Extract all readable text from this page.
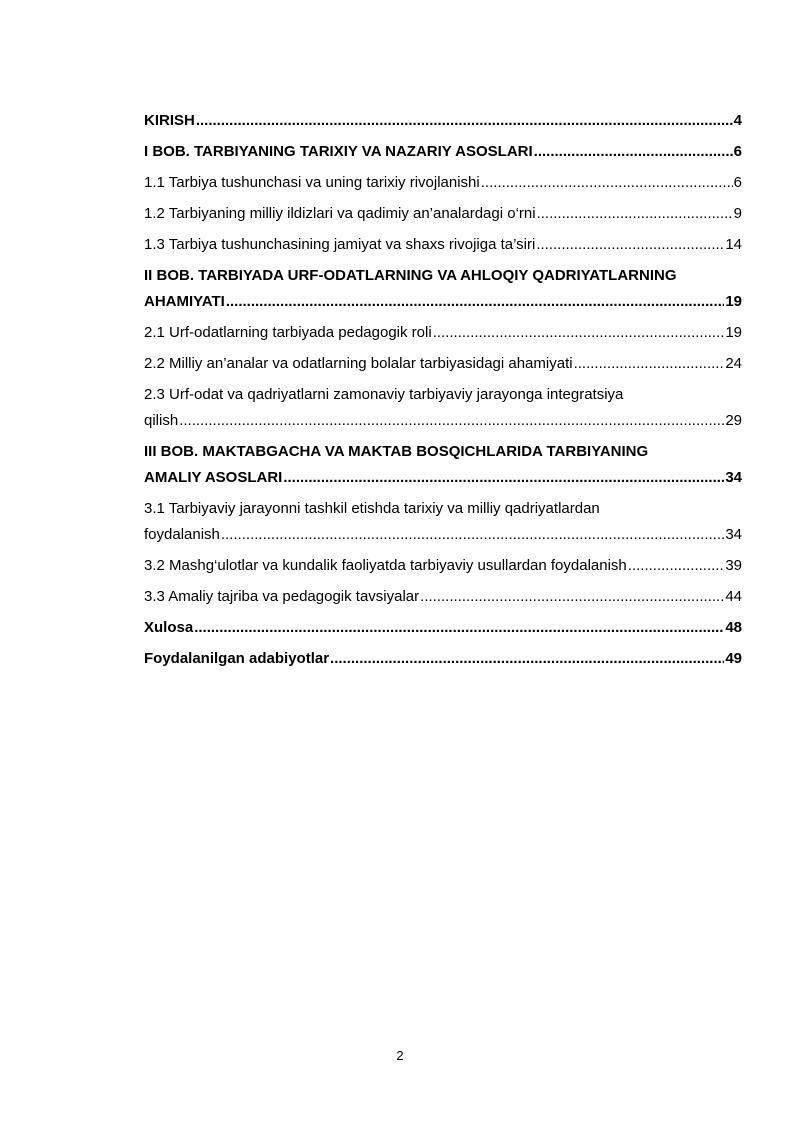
KIRISH .....	4
I BOB. TARBIYANING TARIXIY VA NAZARIY ASOSLARI .....	6
1.1 Tarbiya tushunchasi va uning tarixiy rivojlanishi .....	6
1.2 Tarbiyaning milliy ildizlari va qadimiy an’analardagi o‘rni .....	9
1.3 Tarbiya tushunchasining jamiyat va shaxs rivojiga ta’siri .....	14
II BOB. TARBIYADA URF-ODATLARNING VA AHLOQIY QADRIYATLARNING
AHAMIYATI .....	19
2.1 Urf-odatlarning tarbiyada pedagogik roli .....	19
2.2 Milliy an’analar va odatlarning bolalar tarbiyasidagi ahamiyati .....	24
2.3 Urf-odat va qadriyatlarni zamonaviy tarbiyaviy jarayonga integratsiya
qilish .....	29
III BOB. MAKTABGACHA VA MAKTAB BOSQICHLARIDA TARBIYANING
AMALIY ASOSLARI .....	34
3.1 Tarbiyaviy jarayonni tashkil etishda tarixiy va milliy qadriyatlardan
foydalanish .....	34
3.2 Mashg‘ulotlar va kundalik faoliyatda tarbiyaviy usullardan foydalanish .....	39
3.3 Amaliy tajriba va pedagogik tavsiyalar .....	44
Xulosa .....	48
Foydalanilgan adabiyotlar .....	49
2
